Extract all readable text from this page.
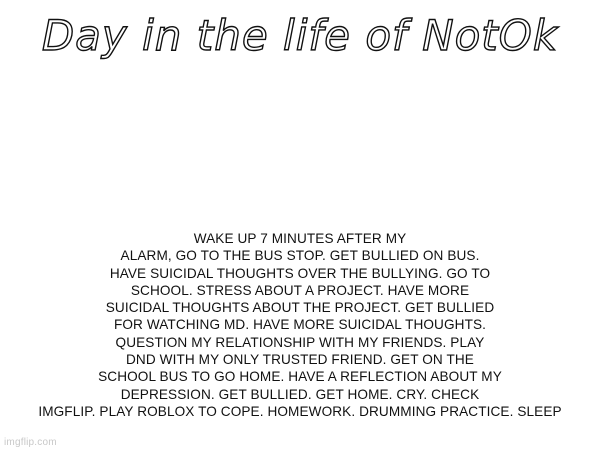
Day in the life of NotOk
WAKE UP 7 MINUTES AFTER MY
ALARM, GO TO THE BUS STOP. GET BULLIED ON BUS.
HAVE SUICIDAL THOUGHTS OVER THE BULLYING. GO TO
SCHOOL. STRESS ABOUT A PROJECT. HAVE MORE
SUICIDAL THOUGHTS ABOUT THE PROJECT. GET BULLIED
FOR WATCHING MD. HAVE MORE SUICIDAL THOUGHTS.
QUESTION MY RELATIONSHIP WITH MY FRIENDS. PLAY
DND WITH MY ONLY TRUSTED FRIEND. GET ON THE
SCHOOL BUS TO GO HOME. HAVE A REFLECTION ABOUT MY
DEPRESSION. GET BULLIED. GET HOME. CRY. CHECK
IMGFLIP. PLAY ROBLOX TO COPE. HOMEWORK. DRUMMING PRACTICE. SLEEP
imgflip.com
